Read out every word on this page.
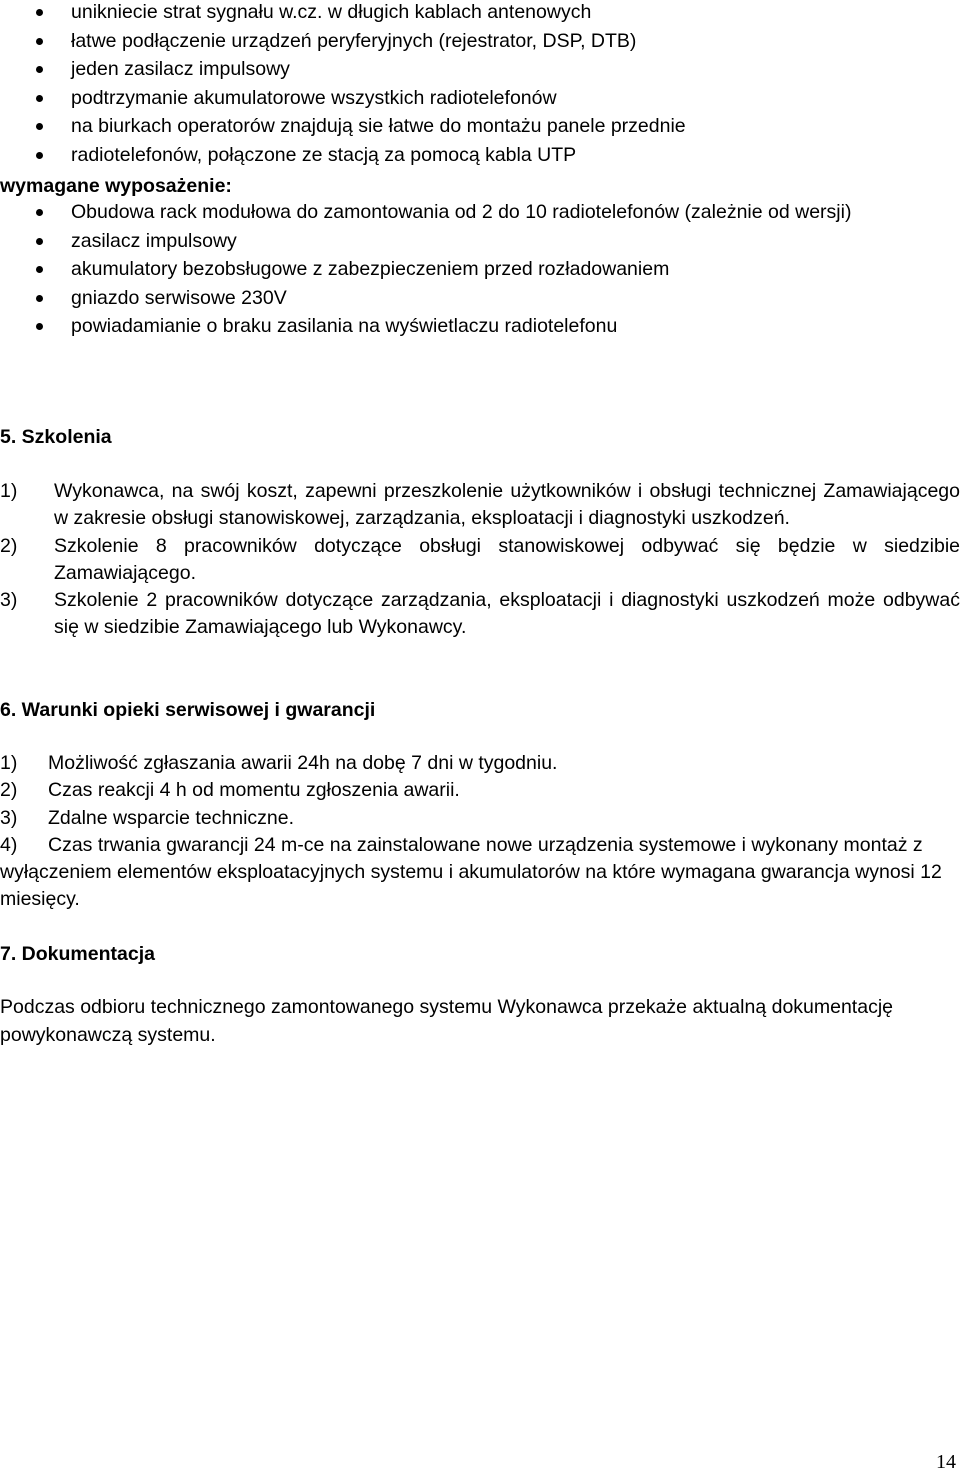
unikniecie strat sygnału w.cz. w długich kablach antenowych
łatwe podłączenie urządzeń peryferyjnych (rejestrator, DSP, DTB)
jeden zasilacz impulsowy
podtrzymanie akumulatorowe wszystkich radiotelefonów
na biurkach operatorów znajdują sie łatwe do montażu panele przednie
radiotelefonów, połączone ze stacją za pomocą kabla UTP
wymagane wyposażenie:
Obudowa rack modułowa do zamontowania od 2 do 10 radiotelefonów (zależnie od wersji)
zasilacz impulsowy
akumulatory bezobsługowe z zabezpieczeniem przed rozładowaniem
gniazdo serwisowe 230V
powiadamianie o braku zasilania na wyświetlaczu radiotelefonu
5. Szkolenia
1) Wykonawca, na swój koszt, zapewni przeszkolenie użytkowników i obsługi technicznej Zamawiającego w zakresie obsługi stanowiskowej, zarządzania, eksploatacji i diagnostyki uszkodzeń.
2) Szkolenie 8 pracowników dotyczące obsługi stanowiskowej odbywać się będzie w siedzibie Zamawiającego.
3) Szkolenie 2 pracowników dotyczące zarządzania, eksploatacji i diagnostyki uszkodzeń może odbywać się w siedzibie Zamawiającego lub Wykonawcy.
6. Warunki opieki serwisowej i gwarancji
1) Możliwość zgłaszania awarii 24h na dobę 7 dni w tygodniu.
2) Czas reakcji 4 h od momentu zgłoszenia awarii.
3) Zdalne wsparcie techniczne.
4) Czas trwania gwarancji 24 m-ce na zainstalowane nowe urządzenia systemowe i wykonany montaż z wyłączeniem elementów eksploatacyjnych systemu i akumulatorów na które wymagana gwarancja wynosi 12 miesięcy.
7. Dokumentacja
Podczas odbioru technicznego zamontowanego systemu Wykonawca przekaże aktualną dokumentację powykonawczą systemu.
14
